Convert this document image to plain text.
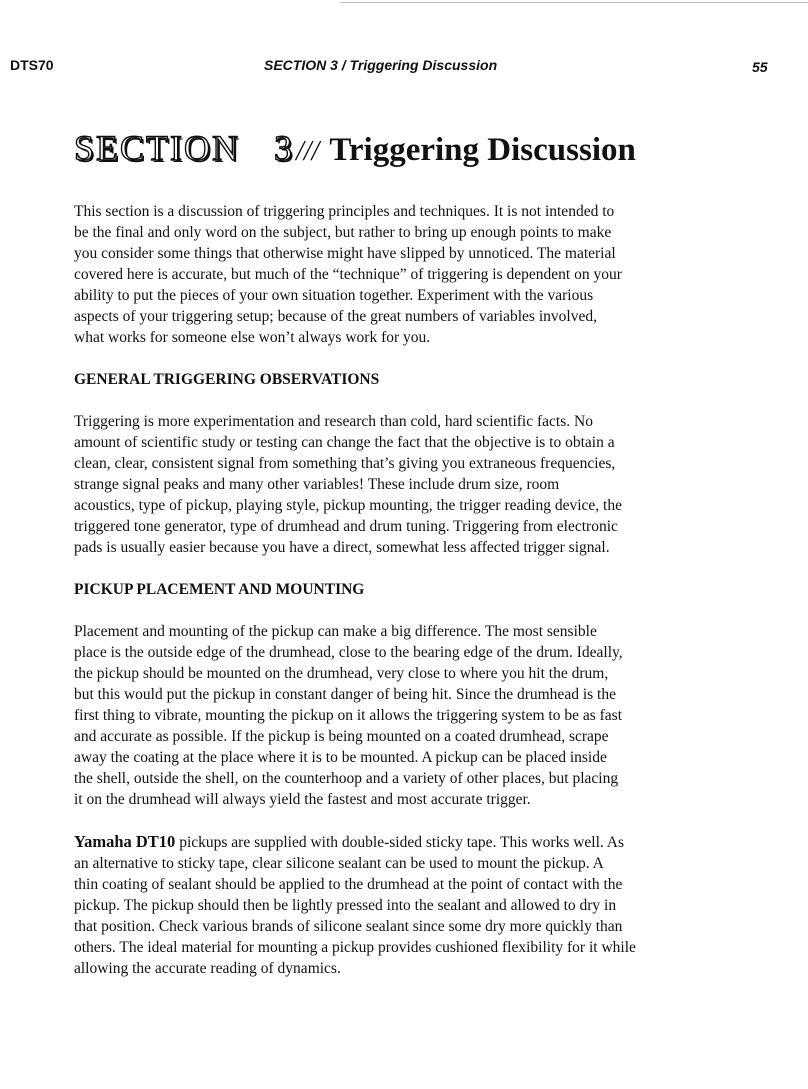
DTS70	SECTION 3 / Triggering Discussion	55
SECTION 3 /// Triggering Discussion

This section is a discussion of triggering principles and techniques. It is not intended to
be the final and only word on the subject, but rather to bring up enough points to make
you consider some things that otherwise might have slipped by unnoticed. The material
covered here is accurate, but much of the “technique” of triggering is dependent on your
ability to put the pieces of your own situation together. Experiment with the various
aspects of your triggering setup; because of the great numbers of variables involved,
what works for someone else won’t always work for you.

GENERAL TRIGGERING OBSERVATIONS

Triggering is more experimentation and research than cold, hard scientific facts. No
amount of scientific study or testing can change the fact that the objective is to obtain a
clean, clear, consistent signal from something that’s giving you extraneous frequencies,
strange signal peaks and many other variables! These include drum size, room
acoustics, type of pickup, playing style, pickup mounting, the trigger reading device, the
triggered tone generator, type of drumhead and drum tuning. Triggering from electronic
pads is usually easier because you have a direct, somewhat less affected trigger signal.

PICKUP PLACEMENT AND MOUNTING

Placement and mounting of the pickup can make a big difference. The most sensible
place is the outside edge of the drumhead, close to the bearing edge of the drum. Ideally,
the pickup should be mounted on the drumhead, very close to where you hit the drum,
but this would put the pickup in constant danger of being hit. Since the drumhead is the
first thing to vibrate, mounting the pickup on it allows the triggering system to be as fast
and accurate as possible. If the pickup is being mounted on a coated drumhead, scrape
away the coating at the place where it is to be mounted. A pickup can be placed inside
the shell, outside the shell, on the counterhoop and a variety of other places, but placing
it on the drumhead will always yield the fastest and most accurate trigger.

Yamaha DT10 pickups are supplied with double-sided sticky tape. This works well. As
an alternative to sticky tape, clear silicone sealant can be used to mount the pickup. A
thin coating of sealant should be applied to the drumhead at the point of contact with the
pickup. The pickup should then be lightly pressed into the sealant and allowed to dry in
that position. Check various brands of silicone sealant since some dry more quickly than
others. The ideal material for mounting a pickup provides cushioned flexibility for it while
allowing the accurate reading of dynamics.
